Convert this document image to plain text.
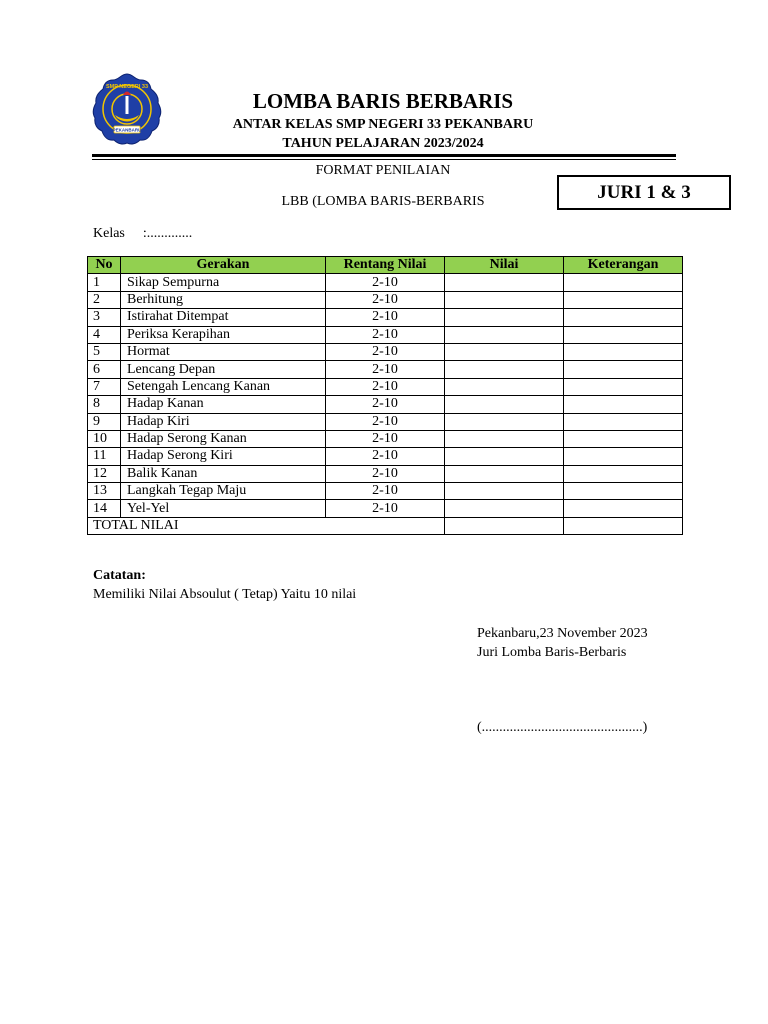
SMP NEGERI 33
PEKANBARU
LOMBA BARIS BERBARIS
ANTAR KELAS SMP NEGERI 33 PEKANBARU
TAHUN PELAJARAN 2023/2024
FORMAT PENILAIAN
LBB (LOMBA BARIS-BERBARIS	JURI 1 & 3
Kelas :.............
No	Gerakan	Rentang Nilai	Nilai	Keterangan
1	Sikap Sempurna	2-10		
2	Berhitung	2-10		
3	Istirahat Ditempat	2-10		
4	Periksa Kerapihan	2-10		
5	Hormat	2-10		
6	Lencang Depan	2-10		
7	Setengah Lencang Kanan	2-10		
8	Hadap Kanan	2-10		
9	Hadap Kiri	2-10		
10	Hadap Serong Kanan	2-10		
11	Hadap Serong Kiri	2-10		
12	Balik Kanan	2-10		
13	Langkah Tegap Maju	2-10		
14	Yel-Yel	2-10		
TOTAL NILAI				
Catatan:
Memiliki Nilai Absoulut ( Tetap) Yaitu 10 nilai
Pekanbaru,23 November 2023
Juri Lomba Baris-Berbaris
(..............................................)
